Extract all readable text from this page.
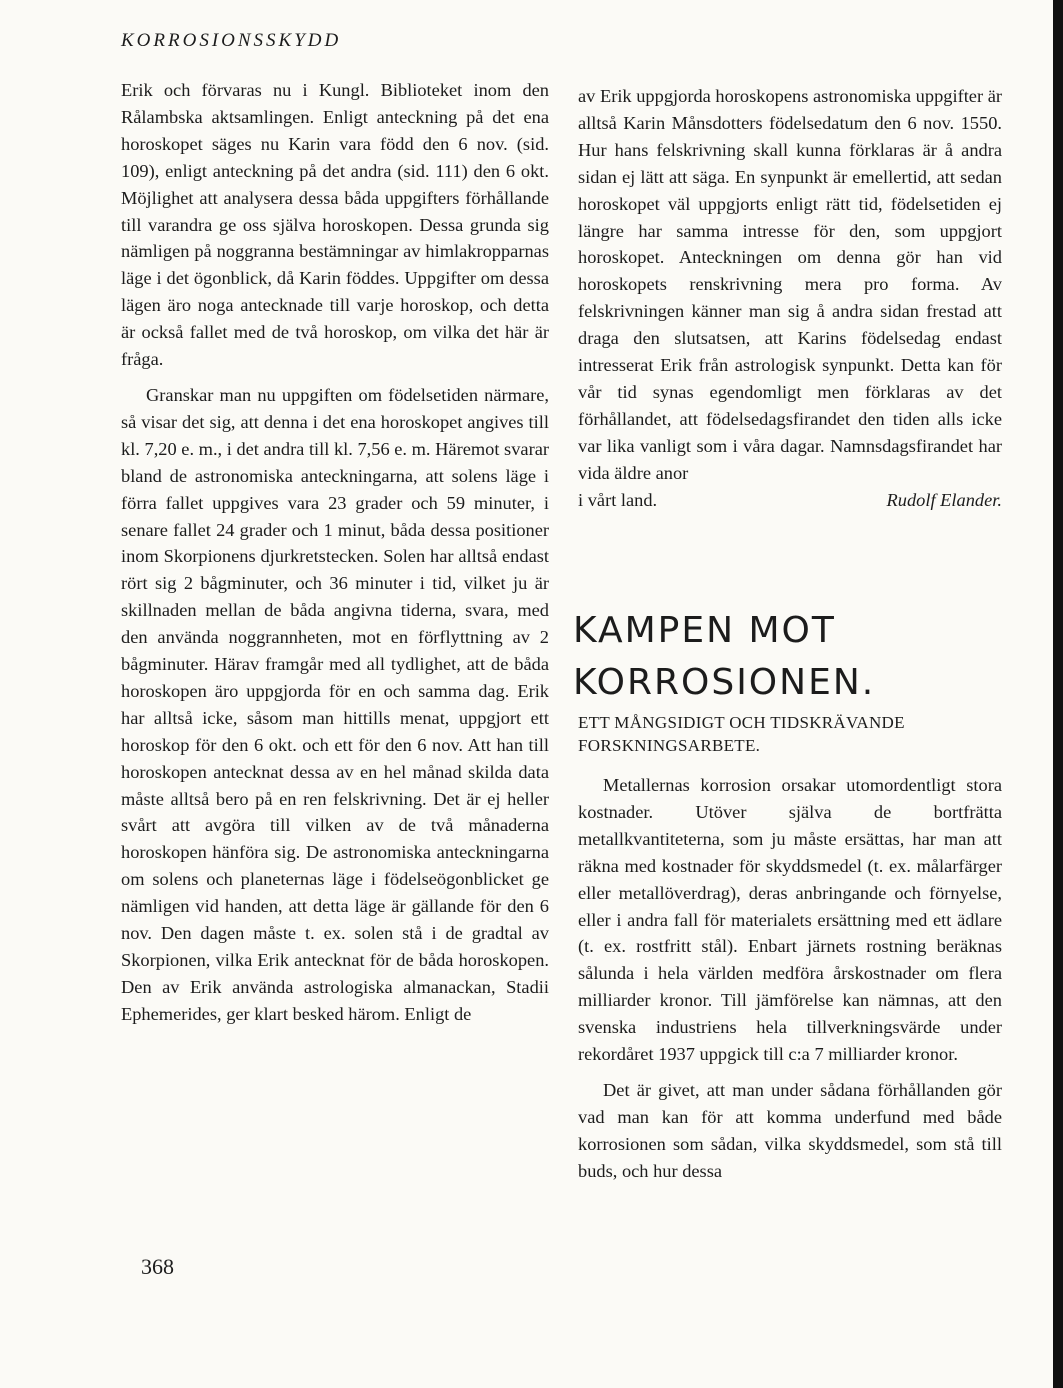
KORROSIONSSKYDD

Erik och förvaras nu i Kungl. Biblioteket inom den Rålambska aktsamlingen. Enligt anteckning på det ena horoskopet säges nu Karin vara född den 6 nov. (sid. 109), enligt anteckning på det andra (sid. 111) den 6 okt. Möjlighet att analysera dessa båda uppgifters förhållande till varandra ge oss själva horoskopen. Dessa grunda sig nämligen på noggranna bestämningar av himlakropparnas läge i det ögonblick, då Karin föddes. Uppgifter om dessa lägen äro noga antecknade till varje horoskop, och detta är också fallet med de två horoskop, om vilka det här är fråga.

Granskar man nu uppgiften om födelsetiden närmare, så visar det sig, att denna i det ena horoskopet angives till kl. 7,20 e. m., i det andra till kl. 7,56 e. m. Häremot svarar bland de astronomiska anteckningarna, att solens läge i förra fallet uppgives vara 23 grader och 59 minuter, i senare fallet 24 grader och 1 minut, båda dessa positioner inom Skorpionens djurkretstecken. Solen har alltså endast rört sig 2 bågminuter, och 36 minuter i tid, vilket ju är skillnaden mellan de båda angivna tiderna, svara, med den använda noggrannheten, mot en förflyttning av 2 bågminuter. Härav framgår med all tydlighet, att de båda horoskopen äro uppgjorda för en och samma dag. Erik har alltså icke, såsom man hittills menat, uppgjort ett horoskop för den 6 okt. och ett för den 6 nov. Att han till horoskopen antecknat dessa av en hel månad skilda data måste alltså bero på en ren felskrivning. Det är ej heller svårt att avgöra till vilken av de två månaderna horoskopen hänföra sig. De astronomiska anteckningarna om solens och planeternas läge i födelseögonblicket ge nämligen vid handen, att detta läge är gällande för den 6 nov. Den dagen måste t. ex. solen stå i de gradtal av Skorpionen, vilka Erik antecknat för de båda horoskopen. Den av Erik använda astrologiska almanackan, Stadii Ephemerides, ger klart besked härom. Enligt de

av Erik uppgjorda horoskopens astronomiska uppgifter är alltså Karin Månsdotters födelsedatum den 6 nov. 1550. Hur hans felskrivning skall kunna förklaras är å andra sidan ej lätt att säga. En synpunkt är emellertid, att sedan horoskopet väl uppgjorts enligt rätt tid, födelsetiden ej längre har samma intresse för den, som uppgjort horoskopet. Anteckningen om denna gör han vid horoskopets renskrivning mera pro forma. Av felskrivningen känner man sig å andra sidan frestad att draga den slutsatsen, att Karins födelsedag endast intresserat Erik från astrologisk synpunkt. Detta kan för vår tid synas egendomligt men förklaras av det förhållandet, att födelsedagsfirandet den tiden alls icke var lika vanligt som i våra dagar. Namnsdagsfirandet har vida äldre anor

i vårt land.	Rudolf Elander.

KAMPEN MOT KORROSIONEN.
ETT MÅNGSIDIGT OCH TIDSKRÄVANDE FORSKNINGSARBETE.

Metallernas korrosion orsakar utomordentligt stora kostnader. Utöver själva de bortfrätta metallkvantiteterna, som ju måste ersättas, har man att räkna med kostnader för skyddsmedel (t. ex. målarfärger eller metallöverdrag), deras anbringande och förnyelse, eller i andra fall för materialets ersättning med ett ädlare (t. ex. rostfritt stål). Enbart järnets rostning beräknas sålunda i hela världen medföra årskostnader om flera milliarder kronor. Till jämförelse kan nämnas, att den svenska industriens hela tillverkningsvärde under rekordåret 1937 uppgick till c:a 7 milliarder kronor.

Det är givet, att man under sådana förhållanden gör vad man kan för att komma underfund med både korrosionen som sådan, vilka skyddsmedel, som stå till buds, och hur dessa

368
